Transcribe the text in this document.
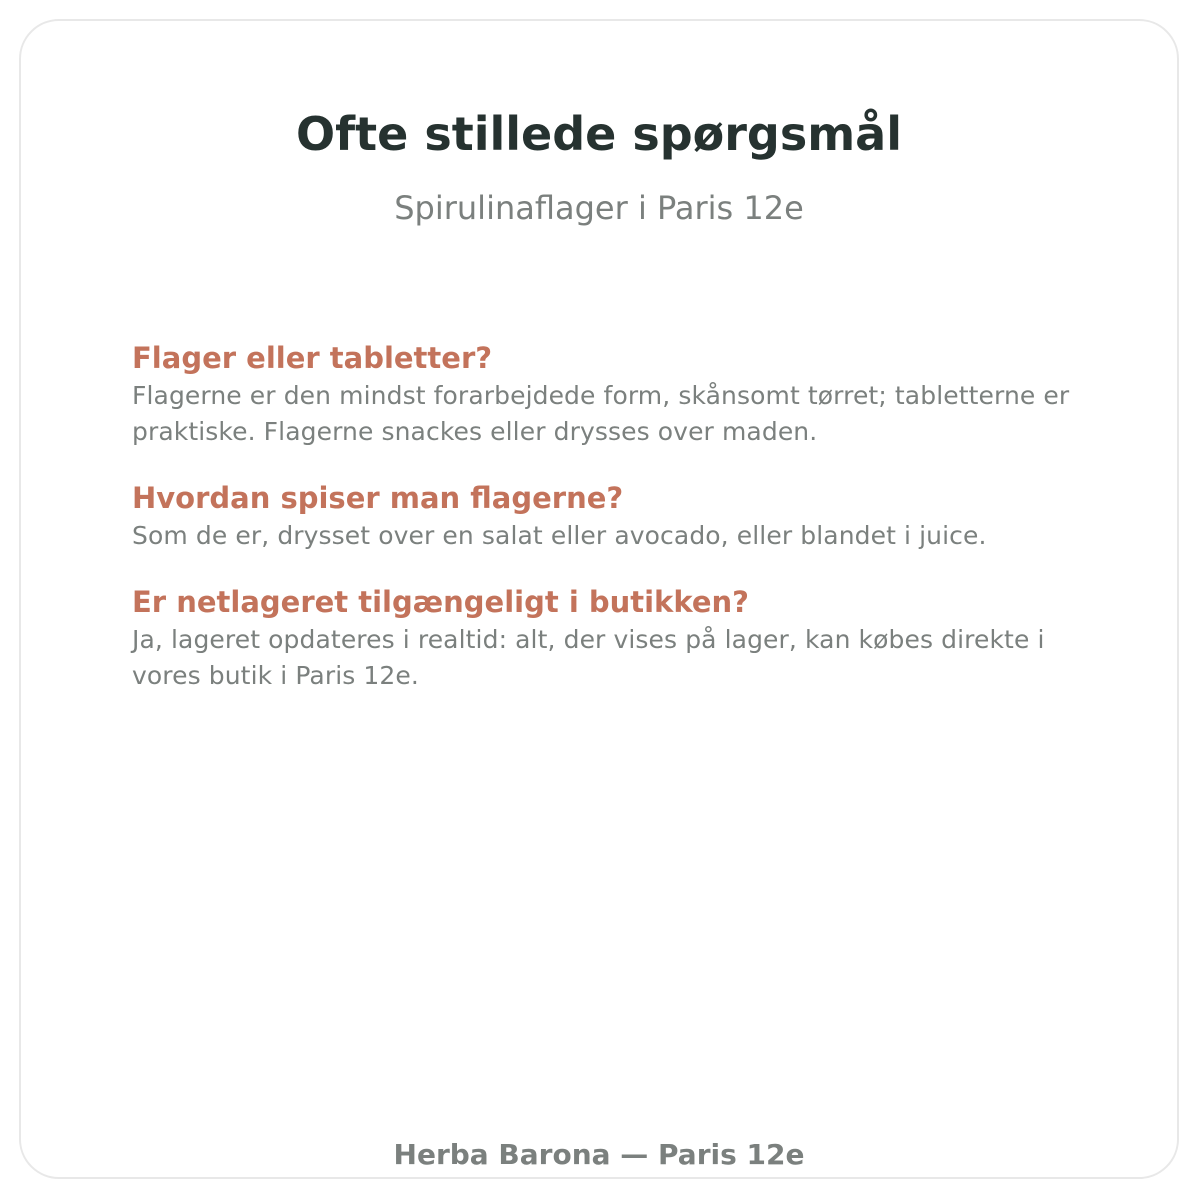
Ofte stillede spørgsmål
Spirulinaflager i Paris 12e
Flager eller tabletter?

Flagerne er den mindst forarbejdede form, skånsomt tørret; tabletterne er praktiske. Flagerne snackes eller drysses over maden.

Hvordan spiser man flagerne?

Som de er, drysset over en salat eller avocado, eller blandet i juice.

Er netlageret tilgængeligt i butikken?

Ja, lageret opdateres i realtid: alt, der vises på lager, kan købes direkte i vores butik i Paris 12e.

Herba Barona — Paris 12e
